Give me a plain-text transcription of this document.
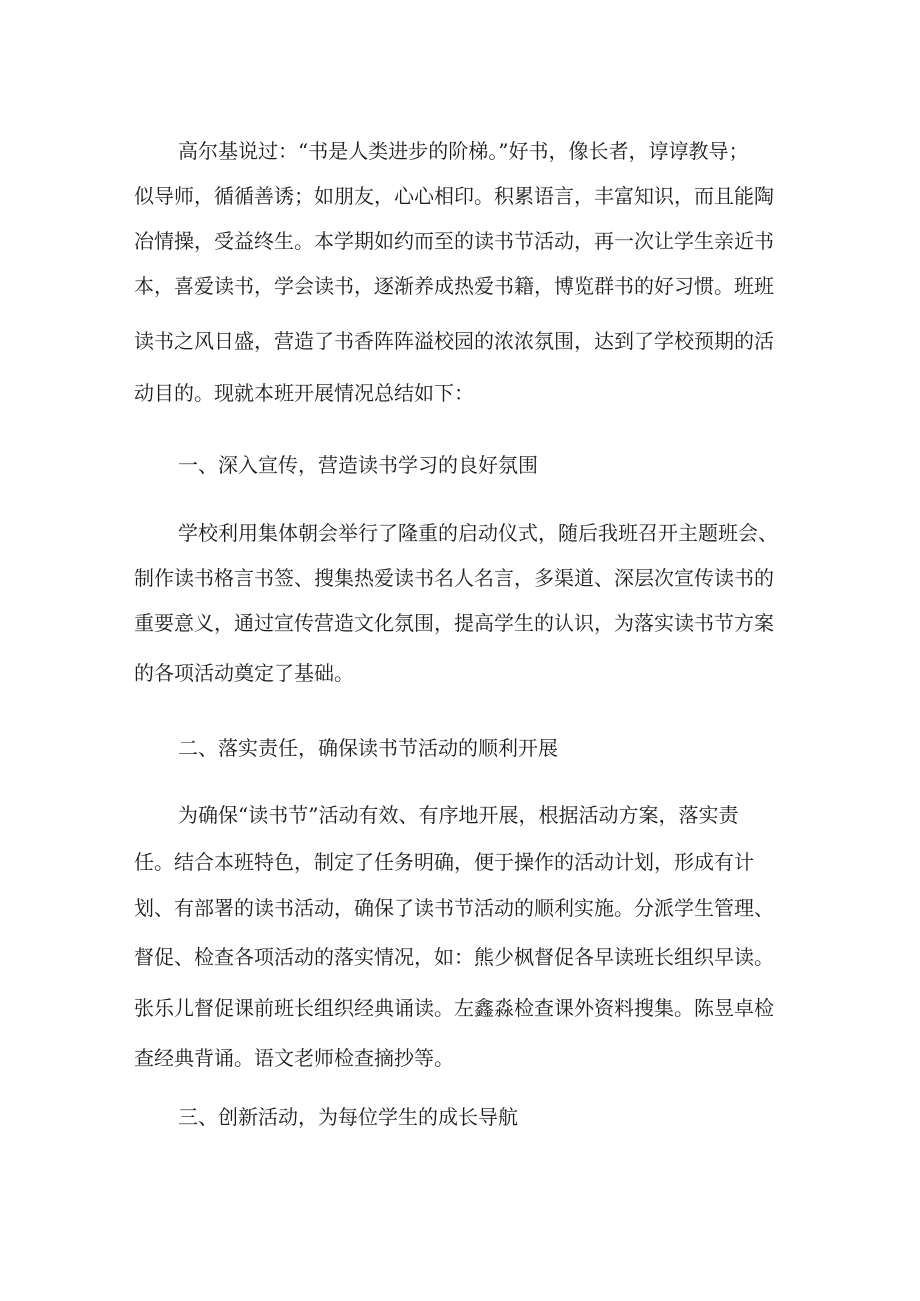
高尔基说过：“书是人类进步的阶梯。”好书，像长者，谆谆教导；
似导师，循循善诱；如朋友，心心相印。积累语言，丰富知识，而且能陶
冶情操，受益终生。本学期如约而至的读书节活动，再一次让学生亲近书
本，喜爱读书，学会读书，逐渐养成热爱书籍，博览群书的好习惯。班班
读书之风日盛，营造了书香阵阵溢校园的浓浓氛围，达到了学校预期的活
动目的。现就本班开展情况总结如下：
一、深入宣传，营造读书学习的良好氛围
学校利用集体朝会举行了隆重的启动仪式，随后我班召开主题班会、
制作读书格言书签、搜集热爱读书名人名言，多渠道、深层次宣传读书的
重要意义，通过宣传营造文化氛围，提高学生的认识，为落实读书节方案
的各项活动奠定了基础。
二、落实责任，确保读书节活动的顺利开展
为确保“读书节”活动有效、有序地开展，根据活动方案，落实责
任。结合本班特色，制定了任务明确，便于操作的活动计划，形成有计
划、有部署的读书活动，确保了读书节活动的顺利实施。分派学生管理、
督促、检查各项活动的落实情况，如：熊少枫督促各早读班长组织早读。
张乐儿督促课前班长组织经典诵读。左鑫淼检查课外资料搜集。陈昱卓检
查经典背诵。语文老师检查摘抄等。
三、创新活动，为每位学生的成长导航
